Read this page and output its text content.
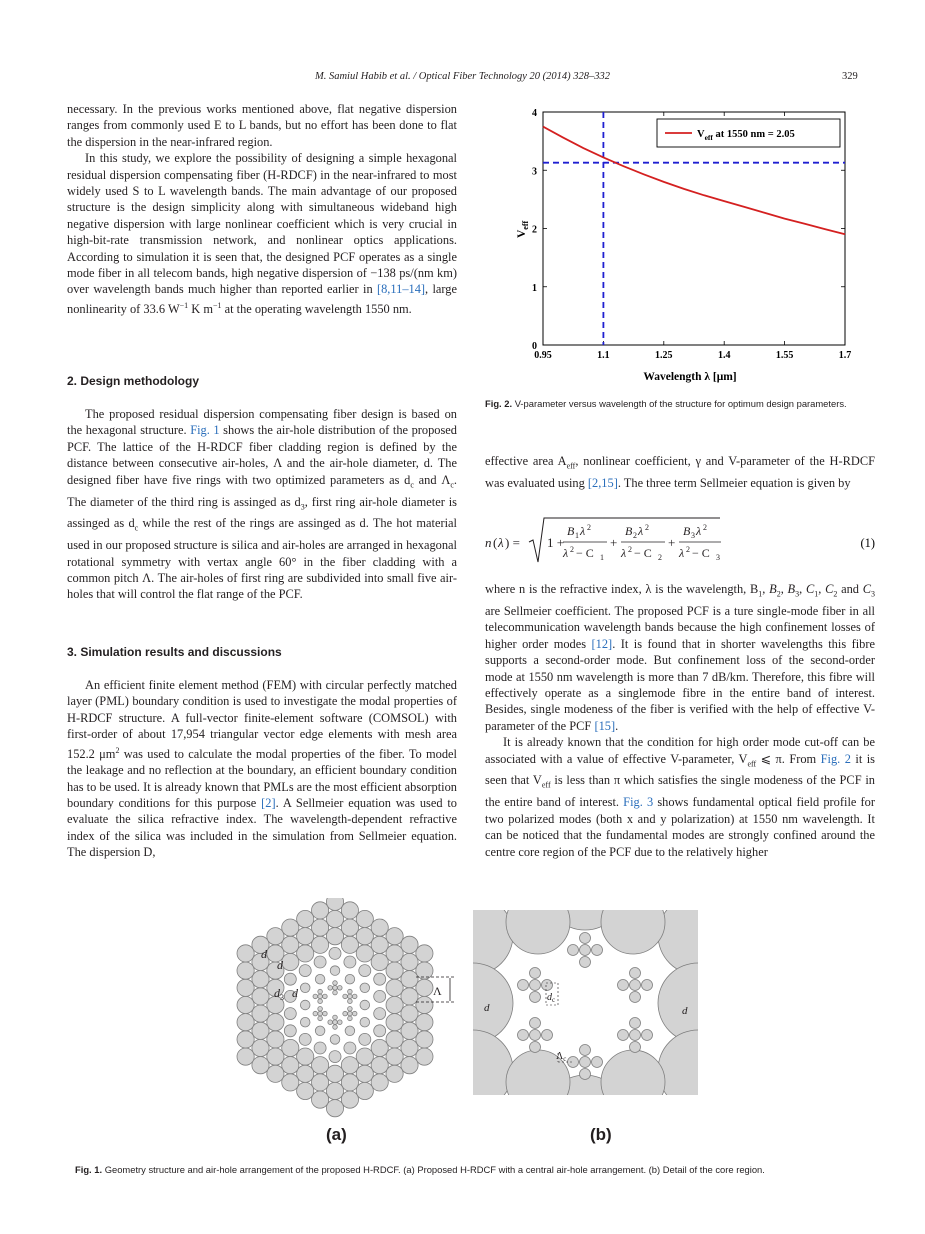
M. Samiul Habib et al. / Optical Fiber Technology 20 (2014) 328–332	329

necessary. In the previous works mentioned above, flat negative dispersion ranges from commonly used E to L bands, but no effort has been done to flat the dispersion in the near-infrared region.

In this study, we explore the possibility of designing a simple hexagonal residual dispersion compensating fiber (H-RDCF) in the near-infrared to most widely used S to L wavelength bands. The main advantage of our proposed structure is the design simplicity along with simultaneous wideband high negative dispersion with large nonlinear coefficient which is very crucial in high-bit-rate transmission network, and nonlinear optics applications. According to simulation it is seen that, the designed PCF operates as a single mode fiber in all telecom bands, high negative dispersion of −138 ps/(nm km) over wavelength bands much higher than reported earlier in [8,11–14], large nonlinearity of 33.6 $W^{-1}$ K $m^{-1}$ at the operating wavelength 1550 nm.

2. Design methodology

The proposed residual dispersion compensating fiber design is based on the hexagonal structure. Fig. 1 shows the air-hole distribution of the proposed PCF. The lattice of the H-RDCF fiber cladding region is defined by the distance between consecutive air-holes, Λ and the air-hole diameter, d. The designed fiber have five rings with two optimized parameters as $d_c$ and $\Lambda_c$. The diameter of the third ring is assinged as $d_3$, first ring air-hole diameter is assinged as $d_c$ while the rest of the rings are assinged as d. The hot material used in our proposed structure is silica and air-holes are arranged in hexagonal rotational symmetry with vertax angle 60° in the fiber cladding with a common pitch Λ. The air-holes of first ring are subdivided into small five air-holes that will control the flat range of the PCF.

3. Simulation results and discussions

An efficient finite element method (FEM) with circular perfectly matched layer (PML) boundary condition is used to investigate the modal properties of H-RDCF structure. A full-vector finite-element software (COMSOL) with first-order of about 17,954 triangular vector edge elements with mesh area 152.2 $\mu m^2$ was used to calculate the modal properties of the fiber. To model the leakage and no reflection at the boundary, an efficient boundary condition has to be used. It is already known that PMLs are the most efficient absorption boundary conditions for this purpose [2]. A Sellmeier equation was used to evaluate the silica refractive index. The wavelength-dependent refractive index of the silica was included in the simulation from Sellmeier equation. The dispersion D,

0.95	1.1	1.25	1.4	1.55	1.7
0
1
2
3
4
$V_{eff}$ at 1550 nm = 2.05
Wavelength λ [μm]
$V_{eff}$
Fig. 2. V-parameter versus wavelength of the structure for optimum design parameters.

effective area $A_{eff}$, nonlinear coefficient, γ and V-parameter of the H-RDCF was evaluated using [2,15]. The three term Sellmeier equation is given by

n ( λ ) = 1 +
B 1 λ 2
λ 2 − C 1
+
B 2 λ 2
λ 2 − C 2
+
B 3 λ 2
λ 2 − C 3
(1)

where n is the refractive index, λ is the wavelength, $B_1$, $B_2$, $B_3$, $C_1$, $C_2$ and $C_3$ are Sellmeier coefficient. The proposed PCF is a ture single-mode fiber in all telecommunication wavelength bands because the high confinement losses of higher order modes [12]. It is found that in shorter wavelengths this fibre supports a second-order mode. But confinement loss of the second-order mode at 1550 nm wavelength is more than 7 dB/km. Therefore, this fibre will effectively operate as a singlemode fibre in the entire band of interest. Besides, single modeness of the fiber is verified with the help of effective V-parameter of the PCF [15].

It is already known that the condition for high order mode cut-off can be associated with a value of effective V-parameter, $V_{eff}$ ⩽ π. From Fig. 2 it is seen that $V_{eff}$ is less than π which satisfies the single modeness of the PCF in the entire band of interest. Fig. 3 shows fundamental optical field profile for two polarized modes (both x and y polarization) at 1550 nm wavelength. It can be noticed that the fundamental modes are strongly confined around the centre core region of the PCF due to the relatively higher

d
d
$d_3$ d	Λ
d	d
$d_c$
$\Lambda_c$
(a)	(b)
Fig. 1. Geometry structure and air-hole arrangement of the proposed H-RDCF. (a) Proposed H-RDCF with a central air-hole arrangement. (b) Detail of the core region.
